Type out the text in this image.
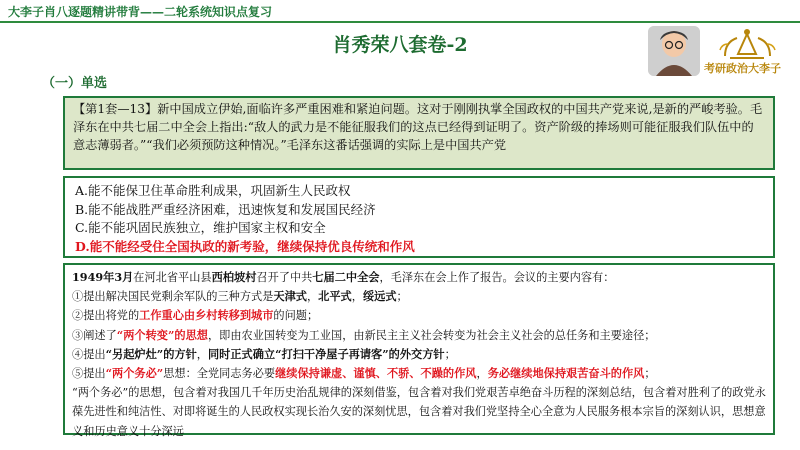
大李子肖八逐题精讲带背——二轮系统知识点复习
肖秀荣八套卷-2
（一）单选
考研政治大李子
【第1套—13】新中国成立伊始,面临许多严重困难和紧迫问题。这对于刚刚执掌全国政权的中国共产党来说,是新的严峻考验。毛泽东在中共七届二中全会上指出:“敌人的武力是不能征服我们的这点已经得到证明了。资产阶级的捧场则可能征服我们队伍中的意志薄弱者。”“我们必须预防这种情况。”毛泽东这番话强调的实际上是中国共产党
A.能不能保卫住革命胜利成果，巩固新生人民政权
B.能不能战胜严重经济困难，迅速恢复和发展国民经济
C.能不能巩固民族独立，维护国家主权和安全
D.能不能经受住全国执政的新考验，继续保持优良传统和作风
1949年3月在河北省平山县西柏坡村召开了中共七届二中全会，毛泽东在会上作了报告。会议的主要内容有：
①提出解决国民党剩余军队的三种方式是天津式，北平式，绥远式；
②提出将党的工作重心由乡村转移到城市的问题；
③阐述了“两个转变”的思想，即由农业国转变为工业国，由新民主主义社会转变为社会主义社会的总任务和主要途径；
④提出“另起炉灶”的方针，同时正式确立“打扫干净屋子再请客”的外交方针；
⑤提出“两个务必”思想：全党同志务必要继续保持谦虚、谨慎、不骄、不躁的作风，务必继续地保持艰苦奋斗的作风；
“两个务必”的思想，包含着对我国几千年历史治乱规律的深刻借鉴，包含着对我们党艰苦卓绝奋斗历程的深刻总结，包含着对胜利了的政党永葆先进性和纯洁性、对即将诞生的人民政权实现长治久安的深刻忧思，包含着对我们党坚持全心全意为人民服务根本宗旨的深刻认识，思想意义和历史意义十分深远
